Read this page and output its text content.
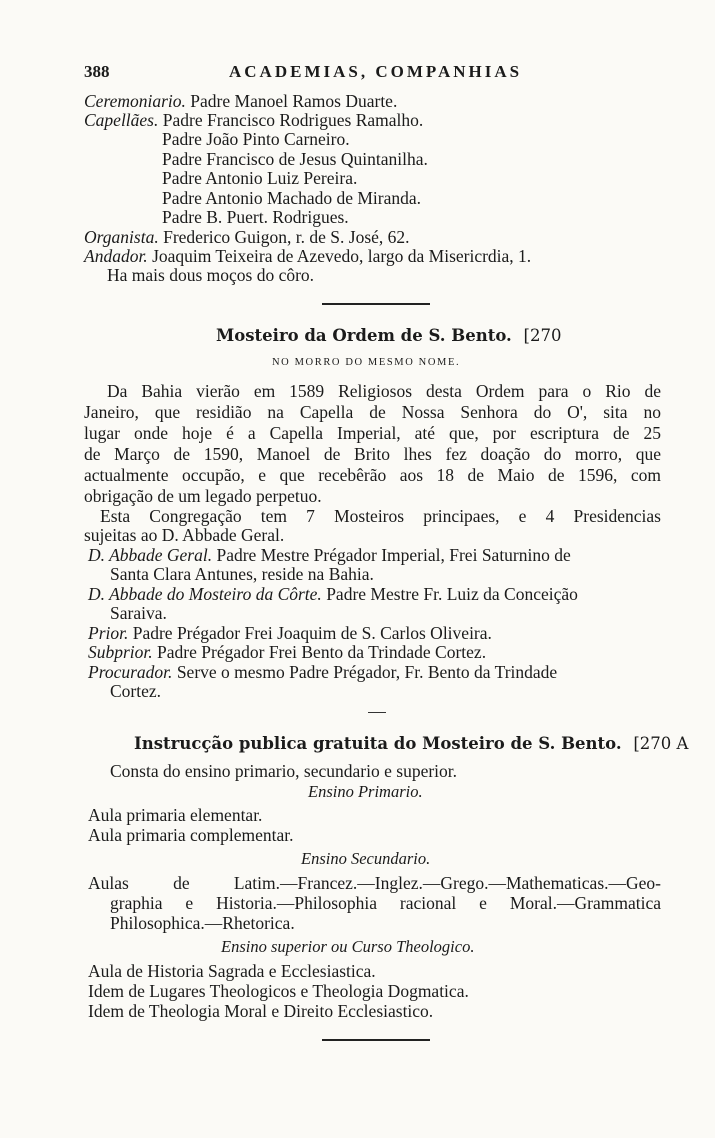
388	ACADEMIAS, COMPANHIAS
Ceremoniario. Padre Manoel Ramos Duarte.
Capellães. Padre Francisco Rodrigues Ramalho.
Padre João Pinto Carneiro.
Padre Francisco de Jesus Quintanilha.
Padre Antonio Luiz Pereira.
Padre Antonio Machado de Miranda.
Padre B. Puert. Rodrigues.
Organista. Frederico Guigon, r. de S. José, 62.
Andador. Joaquim Teixeira de Azevedo, largo da Misericrdia, 1.
Ha mais dous moços do côro.
Mosteiro da Ordem de S. Bento. [270
NO MORRO DO MESMO NOME.
Da Bahia vierão em 1589 Religiosos desta Ordem para o Rio de
Janeiro, que residião na Capella de Nossa Senhora do O', sita no
lugar onde hoje é a Capella Imperial, até que, por escriptura de 25
de Março de 1590, Manoel de Brito lhes fez doação do morro, que
actualmente occupão, e que recebêrão aos 18 de Maio de 1596, com
obrigação de um legado perpetuo.
Esta Congregação tem 7 Mosteiros principaes, e 4 Presidencias
sujeitas ao D. Abbade Geral.
D. Abbade Geral. Padre Mestre Prégador Imperial, Frei Saturnino de
Santa Clara Antunes, reside na Bahia.
D. Abbade do Mosteiro da Côrte. Padre Mestre Fr. Luiz da Conceição
Saraiva.
Prior. Padre Prégador Frei Joaquim de S. Carlos Oliveira.
Subprior. Padre Prégador Frei Bento da Trindade Cortez.
Procurador. Serve o mesmo Padre Prégador, Fr. Bento da Trindade
Cortez.
Instrucção publica gratuita do Mosteiro de S. Bento. [270 A
Consta do ensino primario, secundario e superior.
Ensino Primario.
Aula primaria elementar.
Aula primaria complementar.
Ensino Secundario.
Aulas de Latim.—Francez.—Inglez.—Grego.—Mathematicas.—Geo-
graphia e Historia.—Philosophia racional e Moral.—Grammatica
Philosophica.—Rhetorica.
Ensino superior ou Curso Theologico.
Aula de Historia Sagrada e Ecclesiastica.
Idem de Lugares Theologicos e Theologia Dogmatica.
Idem de Theologia Moral e Direito Ecclesiastico.
